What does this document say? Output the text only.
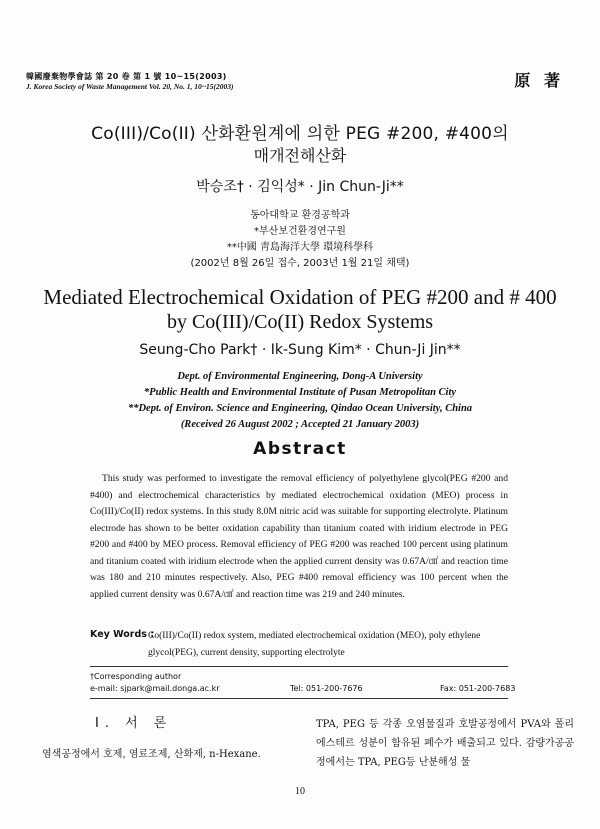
韓國廢棄物學會誌 第 20 卷 第 1 號 10~15(2003)
J. Korea Society of Waste Management Vol. 20, No. 1, 10~15(2003)	原 著
Co(III)/Co(II) 산화환원계에 의한 PEG #200, #400의
매개전해산화
박승조† · 김익성* · Jin Chun-Ji**
동아대학교 환경공학과
*부산보건환경연구원
**中國 靑島海洋大學 環境科學科
(2002년 8월 26일 접수, 2003년 1월 21일 채택)
Mediated Electrochemical Oxidation of PEG #200 and # 400
by Co(III)/Co(II) Redox Systems
Seung-Cho Park† · Ik-Sung Kim* · Chun-Ji Jin**
Dept. of Environmental Engineering, Dong-A University
*Public Health and Environmental Institute of Pusan Metropolitan City
**Dept. of Environ. Science and Engineering, Qindao Ocean University, China
(Received 26 August 2002 ; Accepted 21 January 2003)
Abstract
This study was performed to investigate the removal efficiency of polyethylene glycol(PEG #200 and #400) and electrochemical characteristics by mediated electrochemical oxidation (MEO) process in Co(III)/Co(II) redox systems. In this study 8.0M nitric acid was suitable for supporting electrolyte. Platinum electrode has shown to be better oxidation capability than titanium coated with iridium electrode in PEG #200 and #400 by MEO process. Removal efficiency of PEG #200 was reached 100 percent using platinum and titanium coated with iridium electrode when the applied current density was 0.67A/㎠ and reaction time was 180 and 210 minutes respectively. Also, PEG #400 removal efficiency was 100 percent when the applied current density was 0.67A/㎠ and reaction time was 219 and 240 minutes.
Key Words :
Co(III)/Co(II) redox system, mediated electrochemical oxidation (MEO), poly ethylene glycol(PEG), current density, supporting electrolyte
†Corresponding author
e-mail: sjpark@mail.donga.ac.kr	Tel: 051-200-7676	Fax: 051-200-7683
Ⅰ. 서 론
염색공정에서 호제, 염료조제, 산화제, n-Hexane.
TPA, PEG 등 각종 오염물질과 호발공정에서 PVA와 폴리에스테르 성분이 함유된 폐수가 배출되고 있다. 감량가공공정에서는 TPA, PEG등 난분해성 물
10
